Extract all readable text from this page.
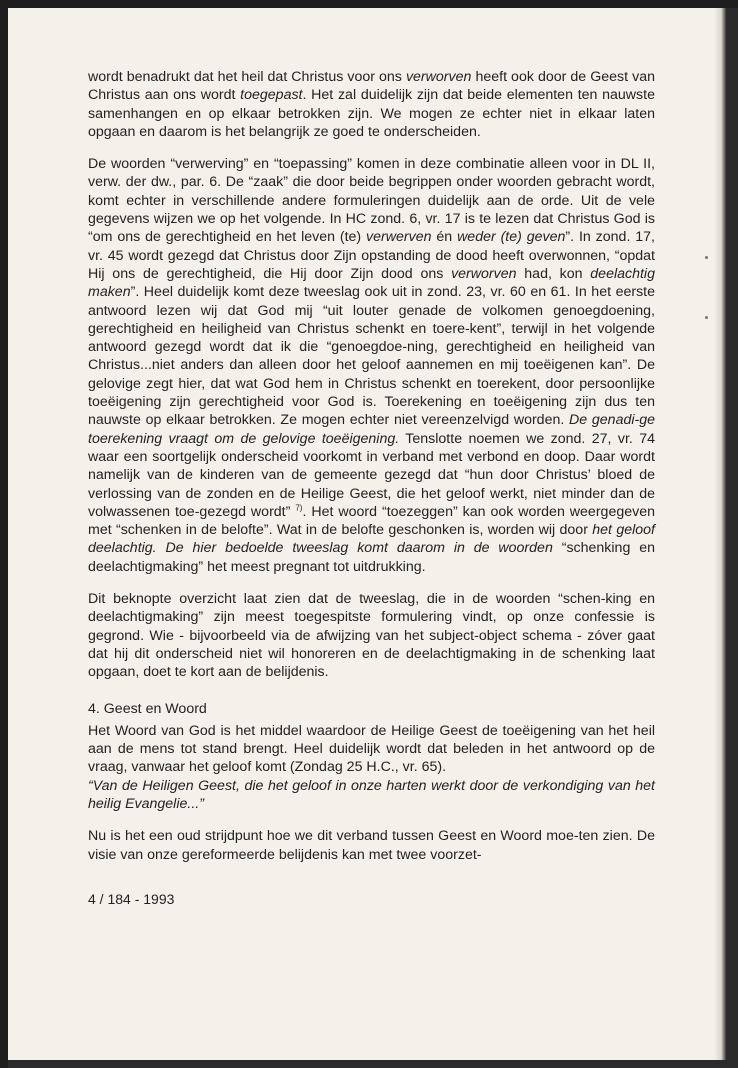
wordt benadrukt dat het heil dat Christus voor ons verworven heeft ook door de Geest van Christus aan ons wordt toegepast. Het zal duidelijk zijn dat beide elementen ten nauwste samenhangen en op elkaar betrokken zijn. We mogen ze echter niet in elkaar laten opgaan en daarom is het belangrijk ze goed te onderscheiden.

De woorden “verwerving” en “toepassing” komen in deze combinatie alleen voor in DL II, verw. der dw., par. 6. De “zaak” die door beide begrippen onder woorden gebracht wordt, komt echter in verschillende andere formuleringen duidelijk aan de orde. Uit de vele gegevens wijzen we op het volgende. In HC zond. 6, vr. 17 is te lezen dat Christus God is “om ons de gerechtigheid en het leven (te) verwerven én weder (te) geven”. In zond. 17, vr. 45 wordt gezegd dat Christus door Zijn opstanding de dood heeft overwonnen, “opdat Hij ons de gerechtigheid, die Hij door Zijn dood ons verworven had, kon deelachtig maken”. Heel duidelijk komt deze tweeslag ook uit in zond. 23, vr. 60 en 61. In het eerste antwoord lezen wij dat God mij “uit louter genade de volkomen genoegdoening, gerechtigheid en heiligheid van Christus schenkt en toere-kent”, terwijl in het volgende antwoord gezegd wordt dat ik die “genoegdoe-ning, gerechtigheid en heiligheid van Christus...niet anders dan alleen door het geloof aannemen en mij toeëigenen kan”. De gelovige zegt hier, dat wat God hem in Christus schenkt en toerekent, door persoonlijke toeëigening zijn gerechtigheid voor God is. Toerekening en toeëigening zijn dus ten nauwste op elkaar betrokken. Ze mogen echter niet vereenzelvigd worden. De genadi-ge toerekening vraagt om de gelovige toeëigening. Tenslotte noemen we zond. 27, vr. 74 waar een soortgelijk onderscheid voorkomt in verband met verbond en doop. Daar wordt namelijk van de kinderen van de gemeente gezegd dat “hun door Christus’ bloed de verlossing van de zonden en de Heilige Geest, die het geloof werkt, niet minder dan de volwassenen toe-gezegd wordt” $^{7)}$. Het woord “toezeggen” kan ook worden weergegeven met “schenken in de belofte”. Wat in de belofte geschonken is, worden wij door het geloof deelachtig. De hier bedoelde tweeslag komt daarom in de woorden “schenking en deelachtigmaking” het meest pregnant tot uitdrukking.

Dit beknopte overzicht laat zien dat de tweeslag, die in de woorden “schen-king en deelachtigmaking” zijn meest toegespitste formulering vindt, op onze confessie is gegrond. Wie - bijvoorbeeld via de afwijzing van het subject-object schema - zóver gaat dat hij dit onderscheid niet wil honoreren en de deelachtigmaking in de schenking laat opgaan, doet te kort aan de belijdenis.

4. Geest en Woord

Het Woord van God is het middel waardoor de Heilige Geest de toeëigening van het heil aan de mens tot stand brengt. Heel duidelijk wordt dat beleden in het antwoord op de vraag, vanwaar het geloof komt (Zondag 25 H.C., vr. 65).

“Van de Heiligen Geest, die het geloof in onze harten werkt door de verkondiging van het heilig Evangelie...”

Nu is het een oud strijdpunt hoe we dit verband tussen Geest en Woord moe-ten zien. De visie van onze gereformeerde belijdenis kan met twee voorzet-

4 / 184 - 1993
